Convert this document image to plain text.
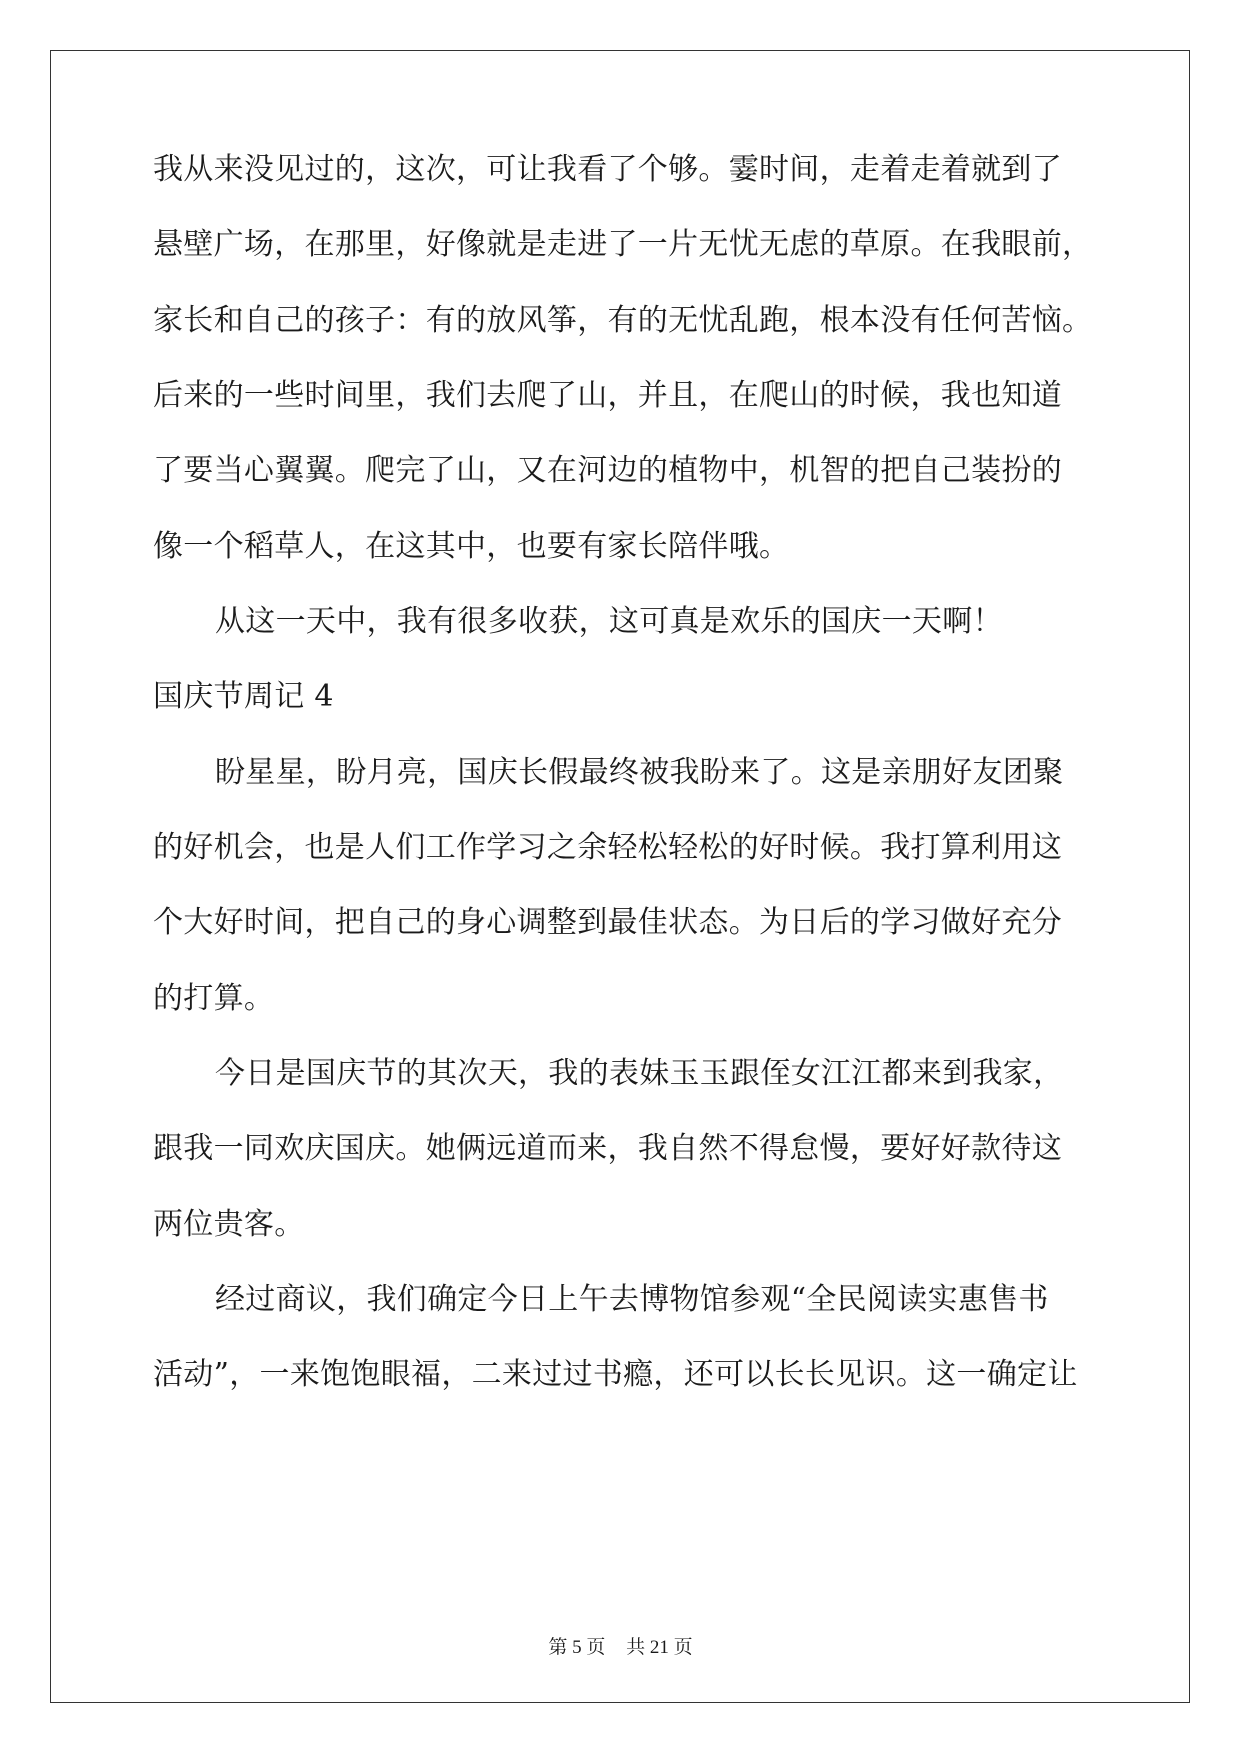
我从来没见过的，这次，可让我看了个够。霎时间，走着走着就到了
悬壁广场，在那里，好像就是走进了一片无忧无虑的草原。在我眼前，
家长和自己的孩子：有的放风筝，有的无忧乱跑，根本没有任何苦恼。
后来的一些时间里，我们去爬了山，并且，在爬山的时候，我也知道
了要当心翼翼。爬完了山，又在河边的植物中，机智的把自己装扮的
像一个稻草人，在这其中，也要有家长陪伴哦。
从这一天中，我有很多收获，这可真是欢乐的国庆一天啊！
国庆节周记 4
盼星星，盼月亮，国庆长假最终被我盼来了。这是亲朋好友团聚
的好机会，也是人们工作学习之余轻松轻松的好时候。我打算利用这
个大好时间，把自己的身心调整到最佳状态。为日后的学习做好充分
的打算。
今日是国庆节的其次天，我的表妹玉玉跟侄女江江都来到我家，
跟我一同欢庆国庆。她俩远道而来，我自然不得怠慢，要好好款待这
两位贵客。
经过商议，我们确定今日上午去博物馆参观“全民阅读实惠售书
活动”，一来饱饱眼福，二来过过书瘾，还可以长长见识。这一确定让
第 5 页 共 21 页
